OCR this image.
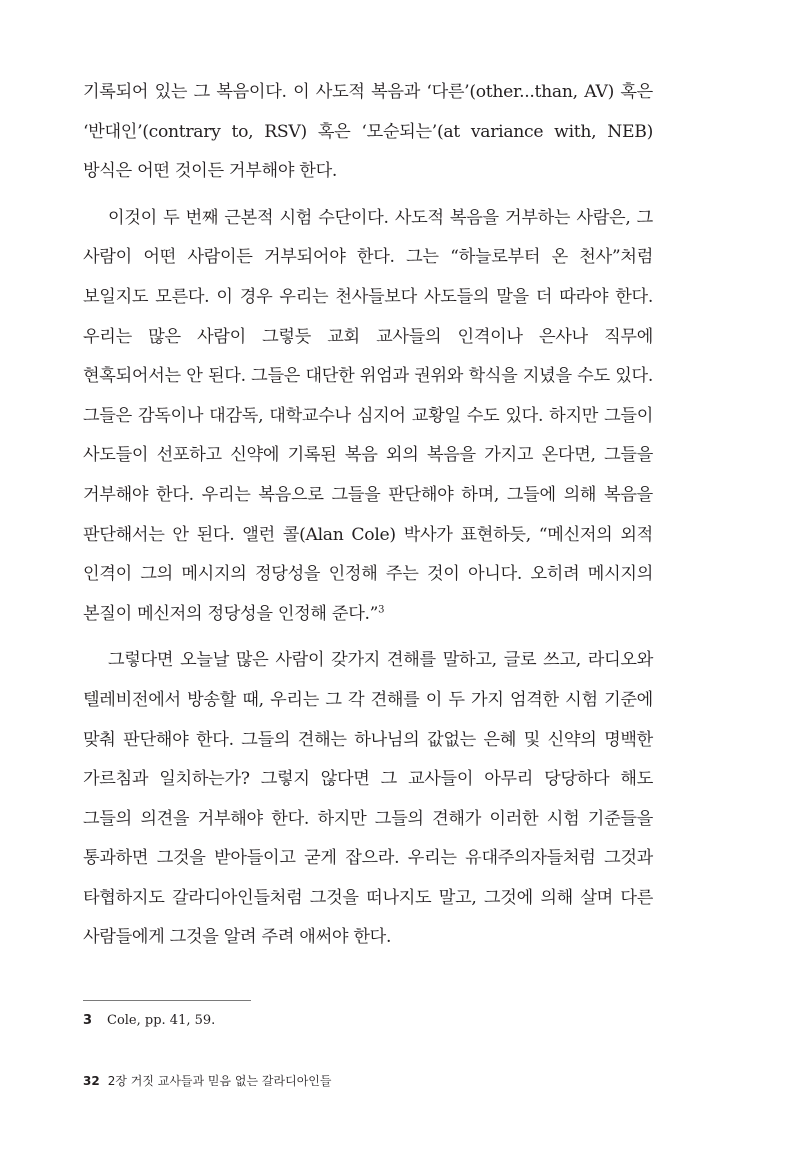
기록되어 있는 그 복음이다. 이 사도적 복음과 ‘다른’(other...than, AV) 혹은 ‘반대인’(contrary to, RSV) 혹은 ‘모순되는’(at variance with, NEB) 방식은 어떤 것이든 거부해야 한다.

이것이 두 번째 근본적 시험 수단이다. 사도적 복음을 거부하는 사람은, 그 사람이 어떤 사람이든 거부되어야 한다. 그는 “하늘로부터 온 천사”처럼 보일지도 모른다. 이 경우 우리는 천사들보다 사도들의 말을 더 따라야 한다. 우리는 많은 사람이 그렇듯 교회 교사들의 인격이나 은사나 직무에 현혹되어서는 안 된다. 그들은 대단한 위엄과 권위와 학식을 지녔을 수도 있다. 그들은 감독이나 대감독, 대학교수나 심지어 교황일 수도 있다. 하지만 그들이 사도들이 선포하고 신약에 기록된 복음 외의 복음을 가지고 온다면, 그들을 거부해야 한다. 우리는 복음으로 그들을 판단해야 하며, 그들에 의해 복음을 판단해서는 안 된다. 앨런 콜(Alan Cole) 박사가 표현하듯, “메신저의 외적 인격이 그의 메시지의 정당성을 인정해 주는 것이 아니다. 오히려 메시지의 본질이 메신저의 정당성을 인정해 준다.”$^3$

그렇다면 오늘날 많은 사람이 갖가지 견해를 말하고, 글로 쓰고, 라디오와 텔레비전에서 방송할 때, 우리는 그 각 견해를 이 두 가지 엄격한 시험 기준에 맞춰 판단해야 한다. 그들의 견해는 하나님의 값없는 은혜 및 신약의 명백한 가르침과 일치하는가? 그렇지 않다면 그 교사들이 아무리 당당하다 해도 그들의 의견을 거부해야 한다. 하지만 그들의 견해가 이러한 시험 기준들을 통과하면 그것을 받아들이고 굳게 잡으라. 우리는 유대주의자들처럼 그것과 타협하지도 갈라디아인들처럼 그것을 떠나지도 말고, 그것에 의해 살며 다른 사람들에게 그것을 알려 주려 애써야 한다.

3 Cole, pp. 41, 59.
32 2장 거짓 교사들과 믿음 없는 갈라디아인들
